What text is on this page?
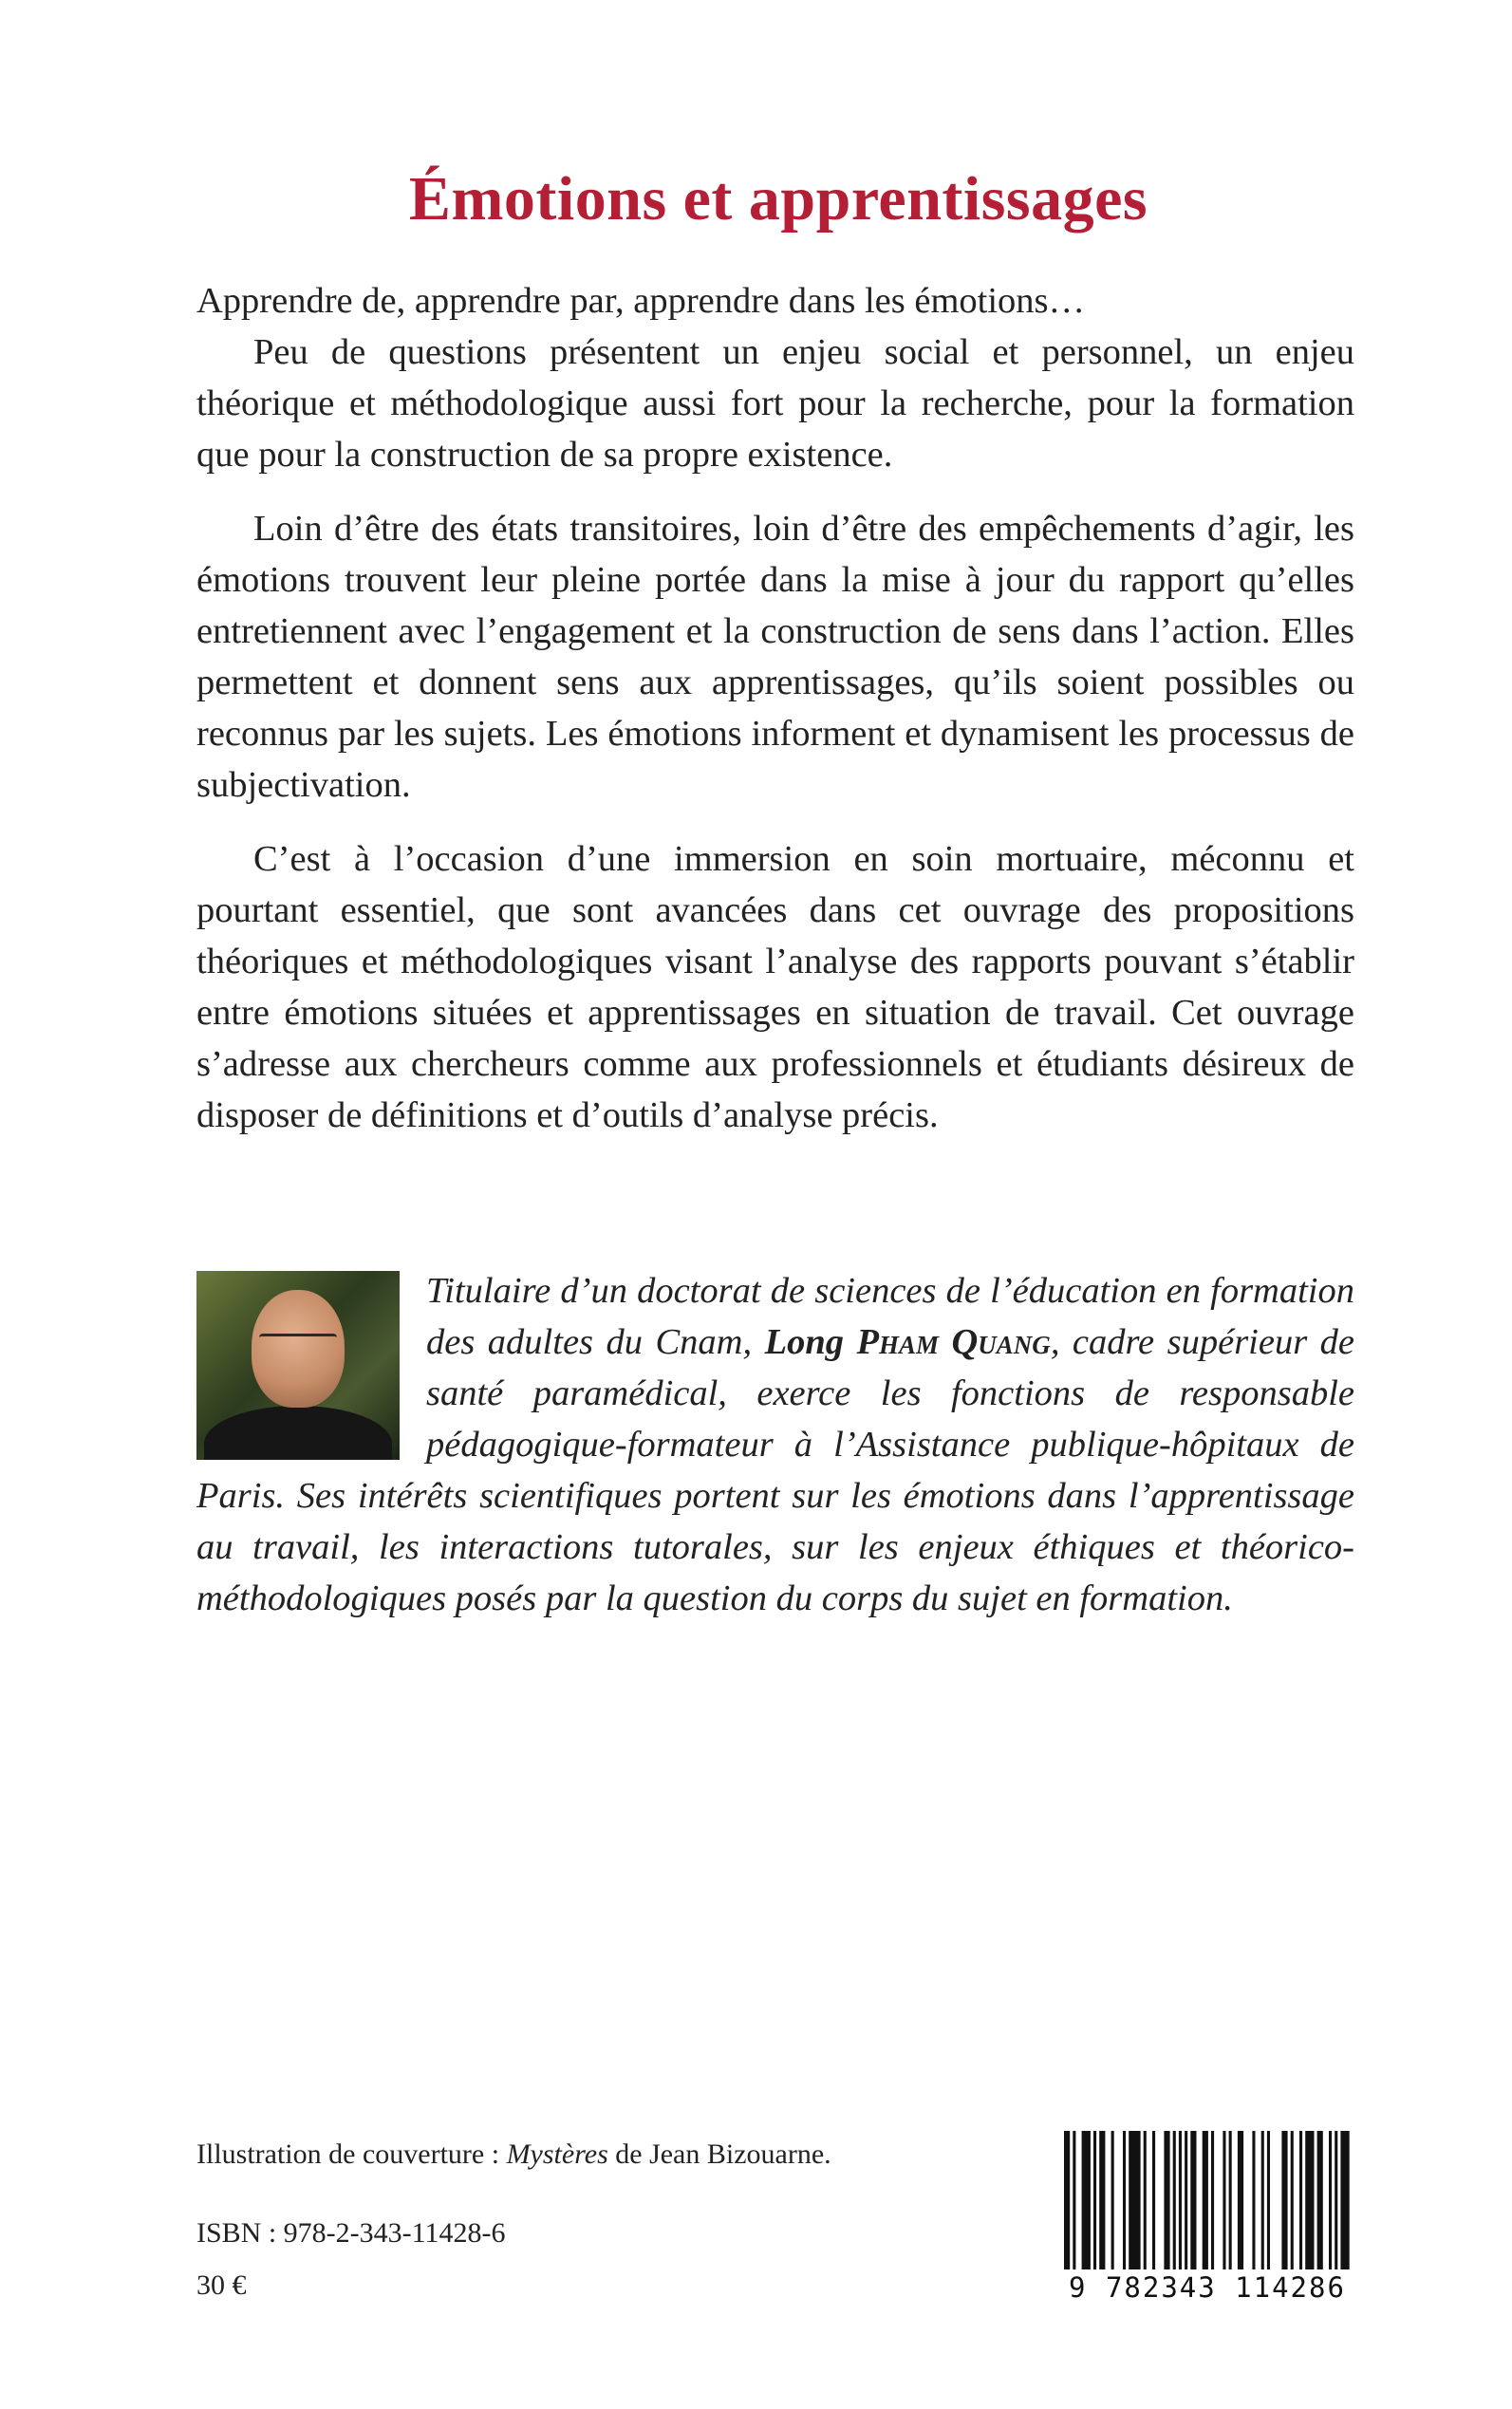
Émotions et apprentissages

Apprendre de, apprendre par, apprendre dans les émotions…

Peu de questions présentent un enjeu social et personnel, un enjeu théorique et méthodologique aussi fort pour la recherche, pour la formation que pour la construction de sa propre existence.

Loin d’être des états transitoires, loin d’être des empêchements d’agir, les émotions trouvent leur pleine portée dans la mise à jour du rapport qu’elles entretiennent avec l’engagement et la construction de sens dans l’action. Elles permettent et donnent sens aux apprentissages, qu’ils soient possibles ou reconnus par les sujets. Les émotions informent et dynamisent les processus de subjectivation.

C’est à l’occasion d’une immersion en soin mortuaire, méconnu et pourtant essentiel, que sont avancées dans cet ouvrage des propositions théoriques et méthodologiques visant l’analyse des rapports pouvant s’établir entre émotions situées et apprentissages en situation de travail. Cet ouvrage s’adresse aux chercheurs comme aux professionnels et étudiants désireux de disposer de définitions et d’outils d’analyse précis.

Titulaire d’un doctorat de sciences de l’éducation en formation des adultes du Cnam, Long Pham Quang, cadre supérieur de santé paramédical, exerce les fonctions de responsable pédagogique-formateur à l’Assistance publique-hôpitaux de Paris. Ses intérêts scientifiques portent sur les émotions dans l’apprentissage au travail, les interactions tutorales, sur les enjeux éthiques et théorico-méthodologiques posés par la question du corps du sujet en formation.
Illustration de couverture : Mystères de Jean Bizouarne.
ISBN : 978-2-343-11428-6
30 €	9 782343 114286
